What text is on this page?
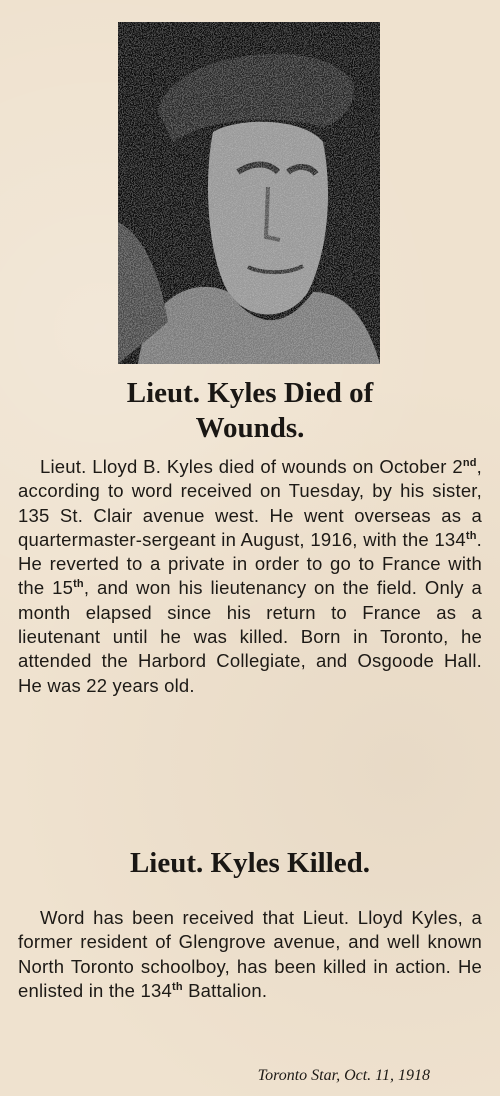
Lieut. Kyles Died of
Wounds.

Lieut. Lloyd B. Kyles died of wounds on October 2nd, according to word received on Tuesday, by his sister, 135 St. Clair avenue west. He went overseas as a quartermaster-sergeant in August, 1916, with the 134th. He reverted to a private in order to go to France with the 15th, and won his lieutenancy on the field. Only a month elapsed since his return to France as a lieutenant until he was killed. Born in Toronto, he attended the Harbord Collegiate, and Osgoode Hall. He was 22 years old.

Lieut. Kyles Killed.

Word has been received that Lieut. Lloyd Kyles, a former resident of Glengrove avenue, and well known North Toronto schoolboy, has been killed in action. He enlisted in the 134th Battalion.

Toronto Star, Oct. 11, 1918
